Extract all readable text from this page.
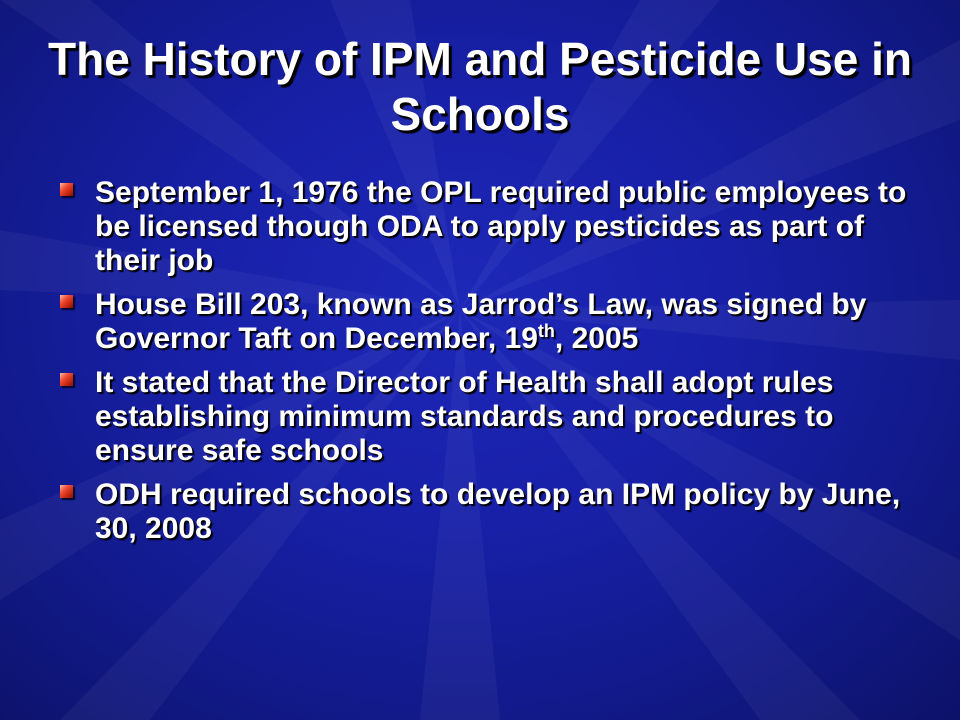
The History of IPM and Pesticide Use in Schools
September 1, 1976 the OPL required public employees to be licensed though ODA to apply pesticides as part of their job
House Bill 203, known as Jarrod’s Law, was signed by Governor Taft on December, 19th, 2005
It stated that the Director of Health shall adopt rules establishing minimum standards and procedures to ensure safe schools
ODH required schools to develop an IPM policy by June, 30, 2008
